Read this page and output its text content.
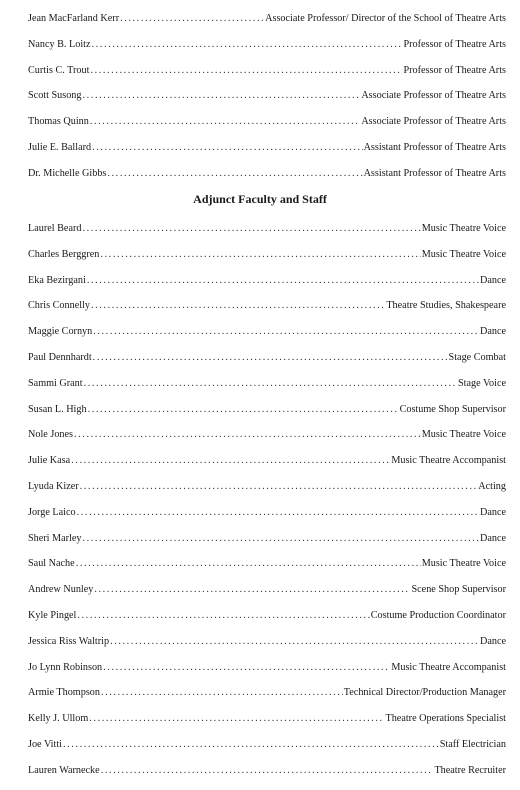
Jean MacFarland Kerr .....	Associate Professor/ Director of the School of Theatre Arts
Nancy B. Loitz .....	Professor of Theatre Arts
Curtis C. Trout .....	Professor of Theatre Arts
Scott Susong .....	Associate Professor of Theatre Arts
Thomas Quinn .....	Associate Professor of Theatre Arts
Julie E. Ballard .....	Assistant Professor of Theatre Arts
Dr. Michelle Gibbs .....	Assistant Professor of Theatre Arts
Adjunct Faculty and Staff
Laurel Beard .....	Music Theatre Voice
Charles Berggren .....	Music Theatre Voice
Eka Bezirgani .....	Dance
Chris Connelly .....	Theatre Studies, Shakespeare
Maggie Cornyn .....	Dance
Paul Dennhardt .....	Stage Combat
Sammi Grant .....	Stage Voice
Susan L. High .....	Costume Shop Supervisor
Nole Jones .....	Music Theatre Voice
Julie Kasa .....	Music Theatre Accompanist
Lyuda Kizer .....	Acting
Jorge Laico .....	Dance
Sheri Marley .....	Dance
Saul Nache .....	Music Theatre Voice
Andrew Nunley .....	Scene Shop Supervisor
Kyle Pingel .....	Costume Production Coordinator
Jessica Riss Waltrip .....	Dance
Jo Lynn Robinson .....	Music Theatre Accompanist
Armie Thompson .....	Technical Director/Production Manager
Kelly J. Ullom .....	Theatre Operations Specialist
Joe Vitti .....	Staff Electrician
Lauren Warnecke .....	Theatre Recruiter
